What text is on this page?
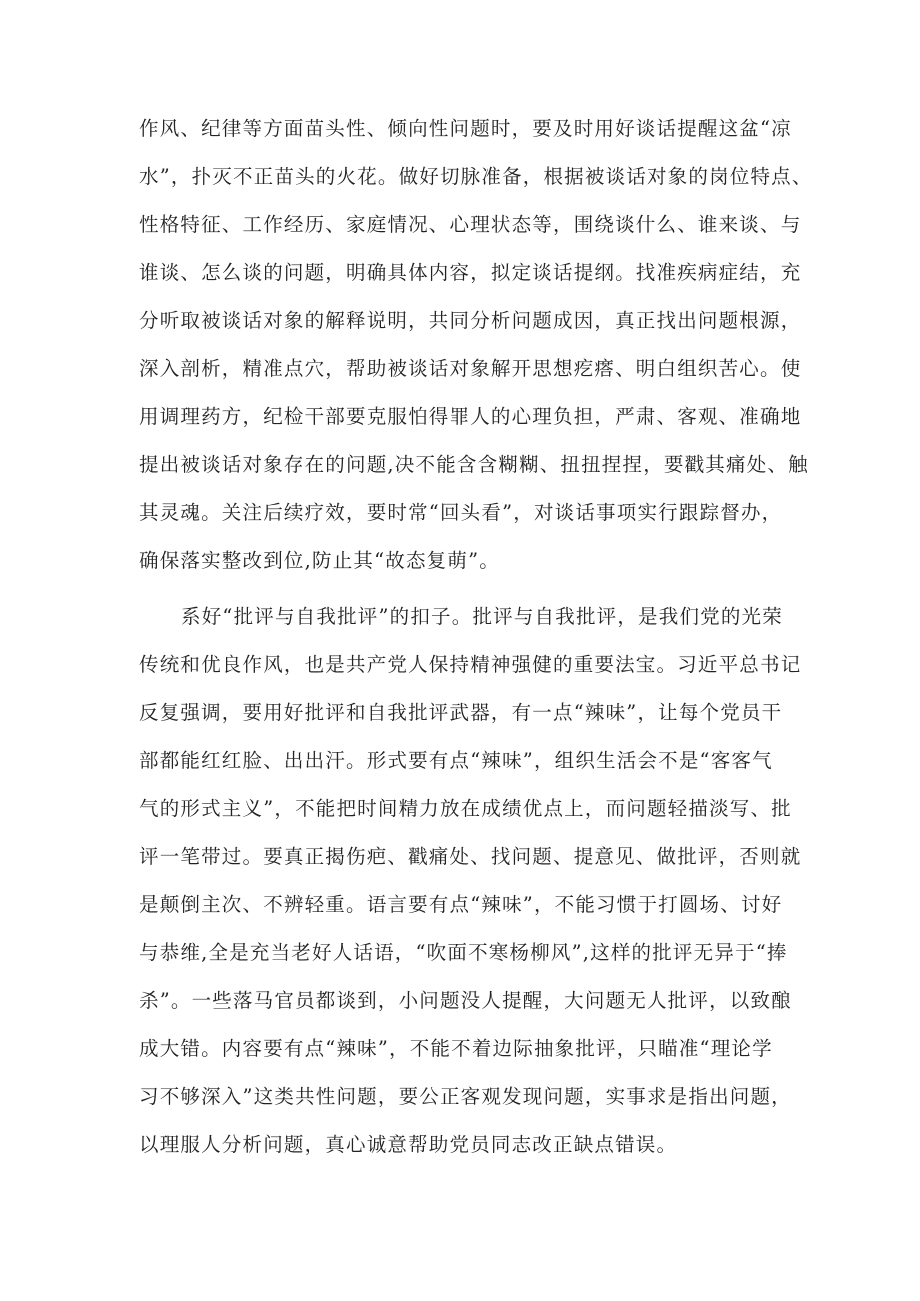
作风、纪律等方面苗头性、倾向性问题时，要及时用好谈话提醒这盆“凉
水”，扑灭不正苗头的火花。做好切脉准备，根据被谈话对象的岗位特点、
性格特征、工作经历、家庭情况、心理状态等，围绕谈什么、谁来谈、与
谁谈、怎么谈的问题，明确具体内容，拟定谈话提纲。找准疾病症结，充
分听取被谈话对象的解释说明，共同分析问题成因，真正找出问题根源，
深入剖析，精准点穴，帮助被谈话对象解开思想疙瘩、明白组织苦心。使
用调理药方，纪检干部要克服怕得罪人的心理负担，严肃、客观、准确地
提出被谈话对象存在的问题,决不能含含糊糊、扭扭捏捏，要戳其痛处、触
其灵魂。关注后续疗效，要时常“回头看”，对谈话事项实行跟踪督办，
确保落实整改到位,防止其“故态复萌”。
系好“批评与自我批评”的扣子。批评与自我批评，是我们党的光荣
传统和优良作风，也是共产党人保持精神强健的重要法宝。习近平总书记
反复强调，要用好批评和自我批评武器，有一点“辣味”，让每个党员干
部都能红红脸、出出汗。形式要有点“辣味”，组织生活会不是“客客气
气的形式主义”，不能把时间精力放在成绩优点上，而问题轻描淡写、批
评一笔带过。要真正揭伤疤、戳痛处、找问题、提意见、做批评，否则就
是颠倒主次、不辨轻重。语言要有点“辣味”，不能习惯于打圆场、讨好
与恭维,全是充当老好人话语，“吹面不寒杨柳风”,这样的批评无异于“捧
杀”。一些落马官员都谈到，小问题没人提醒，大问题无人批评，以致酿
成大错。内容要有点“辣味”，不能不着边际抽象批评，只瞄准“理论学
习不够深入”这类共性问题，要公正客观发现问题，实事求是指出问题，
以理服人分析问题，真心诚意帮助党员同志改正缺点错误。
